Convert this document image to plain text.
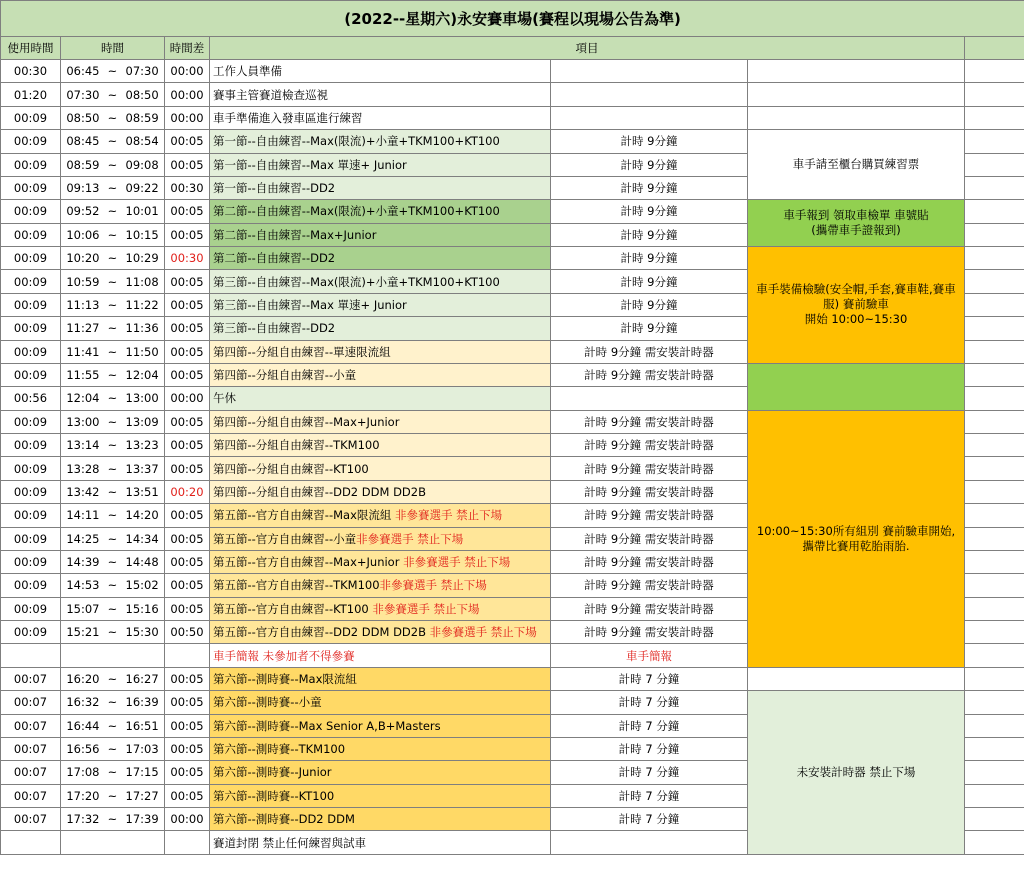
(2022--星期六)永安賽車場(賽程以現場公告為準)						
使用時間	時間	時間差	項目			
00:30	06:45 ~ 07:30	00:00	工作人員準備			
01:20	07:30 ~ 08:50	00:00	賽事主管賽道檢查巡視			
00:09	08:50 ~ 08:59	00:00	車手準備進入發車區進行練習			
00:09	08:45 ~ 08:54	00:05	第一節--自由練習--Max(限流)+小童+TKM100+KT100	計時 9分鐘	車手請至櫃台購買練習票	
00:09	08:59 ~ 09:08	00:05	第一節--自由練習--Max 單速+ Junior	計時 9分鐘		
00:09	09:13 ~ 09:22	00:30	第一節--自由練習--DD2	計時 9分鐘		
00:09	09:52 ~ 10:01	00:05	第二節--自由練習--Max(限流)+小童+TKM100+KT100	計時 9分鐘	車手報到 領取車檢單 車號貼
(攜帶車手證報到)	
00:09	10:06 ~ 10:15	00:05	第二節--自由練習--Max+Junior	計時 9分鐘		
00:09	10:20 ~ 10:29	00:30	第二節--自由練習--DD2	計時 9分鐘	車手裝備檢驗(安全帽,手套,賽車鞋,賽車服) 賽前驗車
開始 10:00~15:30	
00:09	10:59 ~ 11:08	00:05	第三節--自由練習--Max(限流)+小童+TKM100+KT100	計時 9分鐘		
00:09	11:13 ~ 11:22	00:05	第三節--自由練習--Max 單速+ Junior	計時 9分鐘		
00:09	11:27 ~ 11:36	00:05	第三節--自由練習--DD2	計時 9分鐘		
00:09	11:41 ~ 11:50	00:05	第四節--分組自由練習--單速限流組	計時 9分鐘 需安裝計時器		
00:09	11:55 ~ 12:04	00:05	第四節--分組自由練習--小童	計時 9分鐘 需安裝計時器		
00:56	12:04 ~ 13:00	00:00	午休			
00:09	13:00 ~ 13:09	00:05	第四節--分組自由練習--Max+Junior	計時 9分鐘 需安裝計時器	10:00~15:30所有組別 賽前驗車開始,
攜帶比賽用乾胎雨胎.	
00:09	13:14 ~ 13:23	00:05	第四節--分組自由練習--TKM100	計時 9分鐘 需安裝計時器		
00:09	13:28 ~ 13:37	00:05	第四節--分組自由練習--KT100	計時 9分鐘 需安裝計時器		
00:09	13:42 ~ 13:51	00:20	第四節--分組自由練習--DD2 DDM DD2B	計時 9分鐘 需安裝計時器		
00:09	14:11 ~ 14:20	00:05	第五節--官方自由練習--Max限流組 非參賽選手 禁止下場	計時 9分鐘 需安裝計時器		
00:09	14:25 ~ 14:34	00:05	第五節--官方自由練習--小童非參賽選手 禁止下場	計時 9分鐘 需安裝計時器		
00:09	14:39 ~ 14:48	00:05	第五節--官方自由練習--Max+Junior 非參賽選手 禁止下場	計時 9分鐘 需安裝計時器		
00:09	14:53 ~ 15:02	00:05	第五節--官方自由練習--TKM100非參賽選手 禁止下場	計時 9分鐘 需安裝計時器		
00:09	15:07 ~ 15:16	00:05	第五節--官方自由練習--KT100 非參賽選手 禁止下場	計時 9分鐘 需安裝計時器		
00:09	15:21 ~ 15:30	00:50	第五節--官方自由練習--DD2 DDM DD2B 非參賽選手 禁止下場	計時 9分鐘 需安裝計時器		
			車手簡報 未參加者不得參賽	車手簡報		
00:07	16:20 ~ 16:27	00:05	第六節--測時賽--Max限流組	計時 7 分鐘		
00:07	16:32 ~ 16:39	00:05	第六節--測時賽--小童	計時 7 分鐘	未安裝計時器 禁止下場	
00:07	16:44 ~ 16:51	00:05	第六節--測時賽--Max Senior A,B+Masters	計時 7 分鐘		
00:07	16:56 ~ 17:03	00:05	第六節--測時賽--TKM100	計時 7 分鐘		
00:07	17:08 ~ 17:15	00:05	第六節--測時賽--Junior	計時 7 分鐘		
00:07	17:20 ~ 17:27	00:05	第六節--測時賽--KT100	計時 7 分鐘		
00:07	17:32 ~ 17:39	00:00	第六節--測時賽--DD2 DDM	計時 7 分鐘		
			賽道封閉 禁止任何練習與試車			
